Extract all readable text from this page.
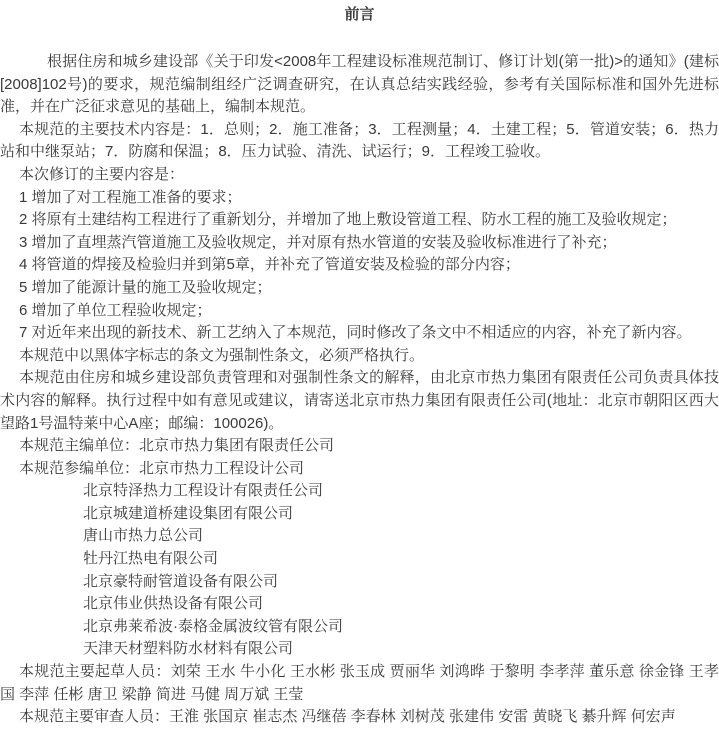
前言

根据住房和城乡建设部《关于印发<2008年工程建设标准规范制订、修订计划(第一批)>的通知》(建标[2008]102号)的要求，规范编制组经广泛调查研究，在认真总结实践经验，参考有关国际标准和国外先进标准，并在广泛征求意见的基础上，编制本规范。

本规范的主要技术内容是：1．总则；2．施工准备；3．工程测量；4．土建工程；5．管道安装；6．热力站和中继泵站；7．防腐和保温；8．压力试验、清洗、试运行；9．工程竣工验收。

本次修订的主要内容是：

1 增加了对工程施工准备的要求；

2 将原有土建结构工程进行了重新划分，并增加了地上敷设管道工程、防水工程的施工及验收规定；

3 增加了直埋蒸汽管道施工及验收规定，并对原有热水管道的安装及验收标准进行了补充；

4 将管道的焊接及检验归并到第5章，并补充了管道安装及检验的部分内容；

5 增加了能源计量的施工及验收规定；

6 增加了单位工程验收规定；

7 对近年来出现的新技术、新工艺纳入了本规范，同时修改了条文中不相适应的内容，补充了新内容。

本规范中以黑体字标志的条文为强制性条文，必须严格执行。

本规范由住房和城乡建设部负责管理和对强制性条文的解释，由北京市热力集团有限责任公司负责具体技术内容的解释。执行过程中如有意见或建议，请寄送北京市热力集团有限责任公司(地址：北京市朝阳区西大望路1号温特莱中心A座；邮编：100026)。

本规范主编单位：北京市热力集团有限责任公司

本规范参编单位：北京市热力工程设计公司

北京特泽热力工程设计有限责任公司

北京城建道桥建设集团有限公司

唐山市热力总公司

牡丹江热电有限公司

北京豪特耐管道设备有限公司

北京伟业供热设备有限公司

北京弗莱希波·泰格金属波纹管有限公司

天津天材塑料防水材料有限公司

本规范主要起草人员：刘荣 王水 牛小化 王水彬 张玉成 贾丽华 刘鸿晔 于黎明 李孝萍 董乐意 徐金锋 王孝国 李萍 任彬 唐卫 梁静 简进 马健 周万斌 王莹

本规范主要审查人员：王淮 张国京 崔志杰 冯继蓓 李春林 刘树茂 张建伟 安雷 黄晓飞 綦升辉 何宏声
